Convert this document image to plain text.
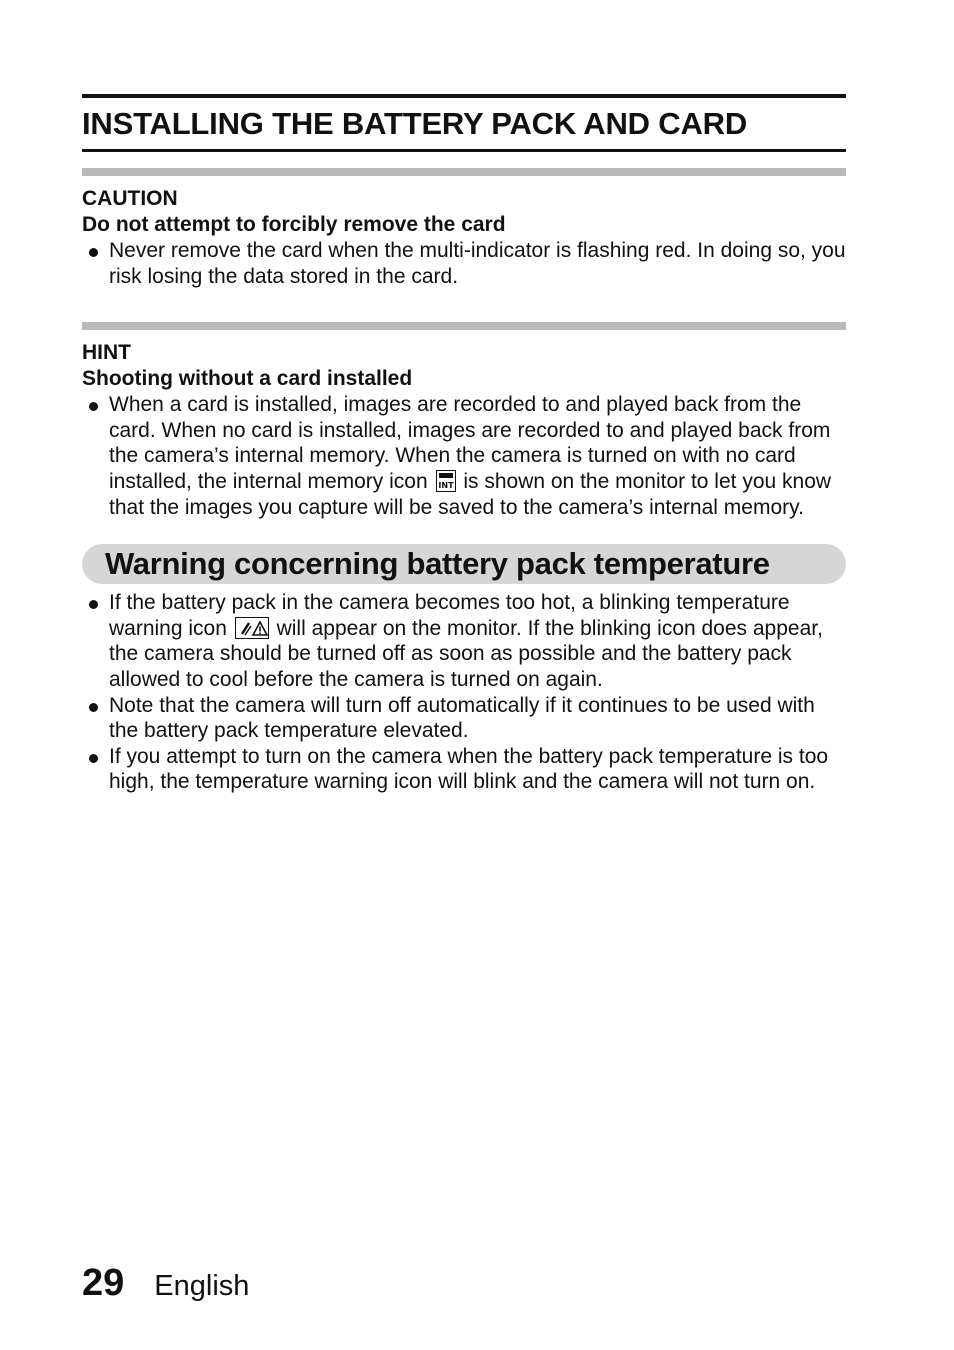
INSTALLING THE BATTERY PACK AND CARD
CAUTION
Do not attempt to forcibly remove the card
Never remove the card when the multi-indicator is flashing red. In doing so, you risk losing the data stored in the card.
HINT
Shooting without a card installed
When a card is installed, images are recorded to and played back from the card. When no card is installed, images are recorded to and played back from the camera’s internal memory. When the camera is turned on with no card installed, the internal memory icon INT is shown on the monitor to let you know that the images you capture will be saved to the camera’s internal memory.
Warning concerning battery pack temperature
If the battery pack in the camera becomes too hot, a blinking temperature warning icon will appear on the monitor. If the blinking icon does appear, the camera should be turned off as soon as possible and the battery pack allowed to cool before the camera is turned on again.
Note that the camera will turn off automatically if it continues to be used with the battery pack temperature elevated.
If you attempt to turn on the camera when the battery pack temperature is too high, the temperature warning icon will blink and the camera will not turn on.
29 English
